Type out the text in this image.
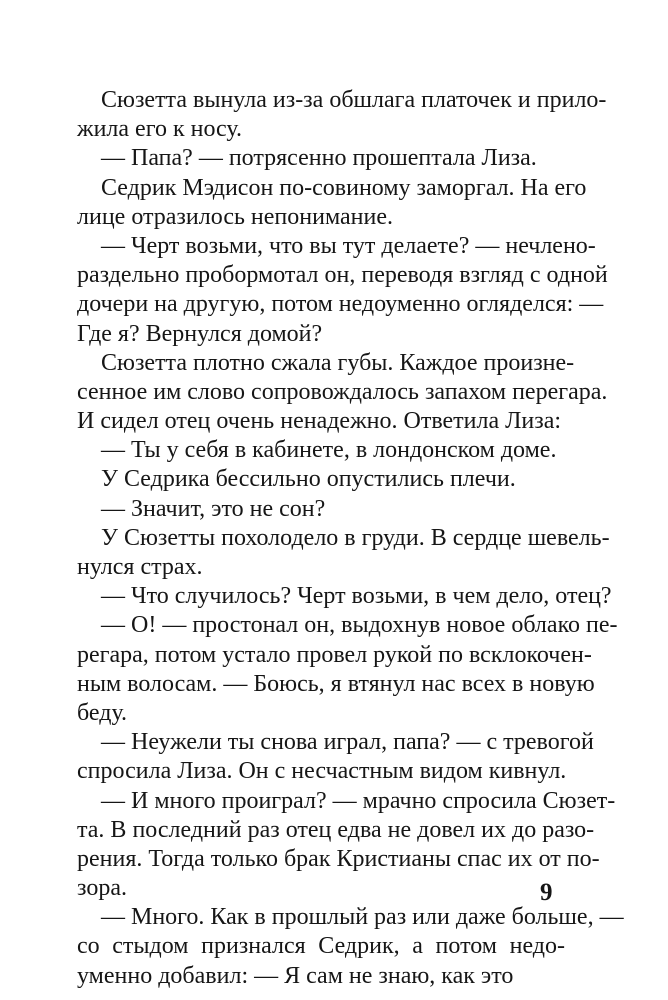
Сюзетта вынула из-за обшлага платочек и прило-
жила его к носу.
— Папа? — потрясенно прошептала Лиза.
Седрик Мэдисон по-совиному заморгал. На его
лице отразилось непонимание.
— Черт возьми, что вы тут делаете? — нечлено-
раздельно пробормотал он, переводя взгляд с одной
дочери на другую, потом недоуменно огляделся: —
Где я? Вернулся домой?
Сюзетта плотно сжала губы. Каждое произне-
сенное им слово сопровождалось запахом перегара.
И сидел отец очень ненадежно. Ответила Лиза:
— Ты у себя в кабинете, в лондонском доме.
У Седрика бессильно опустились плечи.
— Значит, это не сон?
У Сюзетты похолодело в груди. В сердце шевель-
нулся страх.
— Что случилось? Черт возьми, в чем дело, отец?
— О! — простонал он, выдохнув новое облако пе-
регара, потом устало провел рукой по всклокочен-
ным волосам. — Боюсь, я втянул нас всех в новую
беду.
— Неужели ты снова играл, папа? — с тревогой
спросила Лиза. Он с несчастным видом кивнул.
— И много проиграл? — мрачно спросила Сюзет-
та. В последний раз отец едва не довел их до разо-
рения. Тогда только брак Кристианы спас их от по-
зора.
— Много. Как в прошлый раз или даже больше, —
со стыдом признался Седрик, а потом недо-
уменно добавил: — Я сам не знаю, как это
9
